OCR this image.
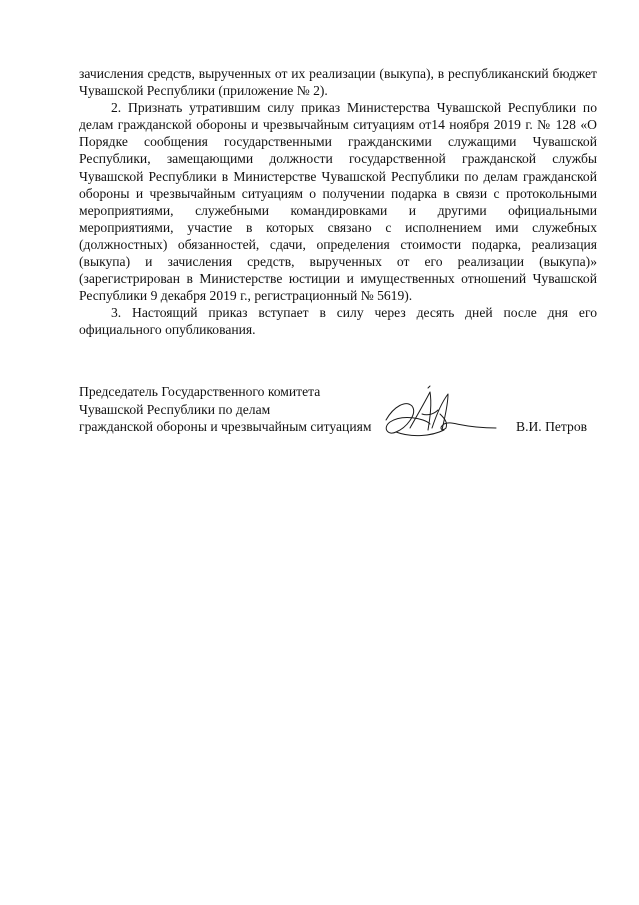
зачисления средств, вырученных от их реализации (выкупа), в республиканский бюджет Чувашской Республики (приложение № 2).

2. Признать утратившим силу приказ Министерства Чувашской Республики по делам гражданской обороны и чрезвычайным ситуациям от14 ноября 2019 г. № 128 «О Порядке сообщения государственными гражданскими служащими Чувашской Республики, замещающими должности государственной гражданской службы Чувашской Республики в Министерстве Чувашской Республики по делам гражданской обороны и чрезвычайным ситуациям о получении подарка в связи с протокольными мероприятиями, служебными командировками и другими официальными мероприятиями, участие в которых связано с исполнением ими служебных (должностных) обязанностей, сдачи, определения стоимости подарка, реализация (выкупа) и зачисления средств, вырученных от его реализации (выкупа)» (зарегистрирован в Министерстве юстиции и имущественных отношений Чувашской Республики 9 декабря 2019 г., регистрационный № 5619).

3. Настоящий приказ вступает в силу через десять дней после дня его официального опубликования.

Председатель Государственного комитета
Чувашской Республики по делам
гражданской обороны и чрезвычайным ситуациям	В.И. Петров
